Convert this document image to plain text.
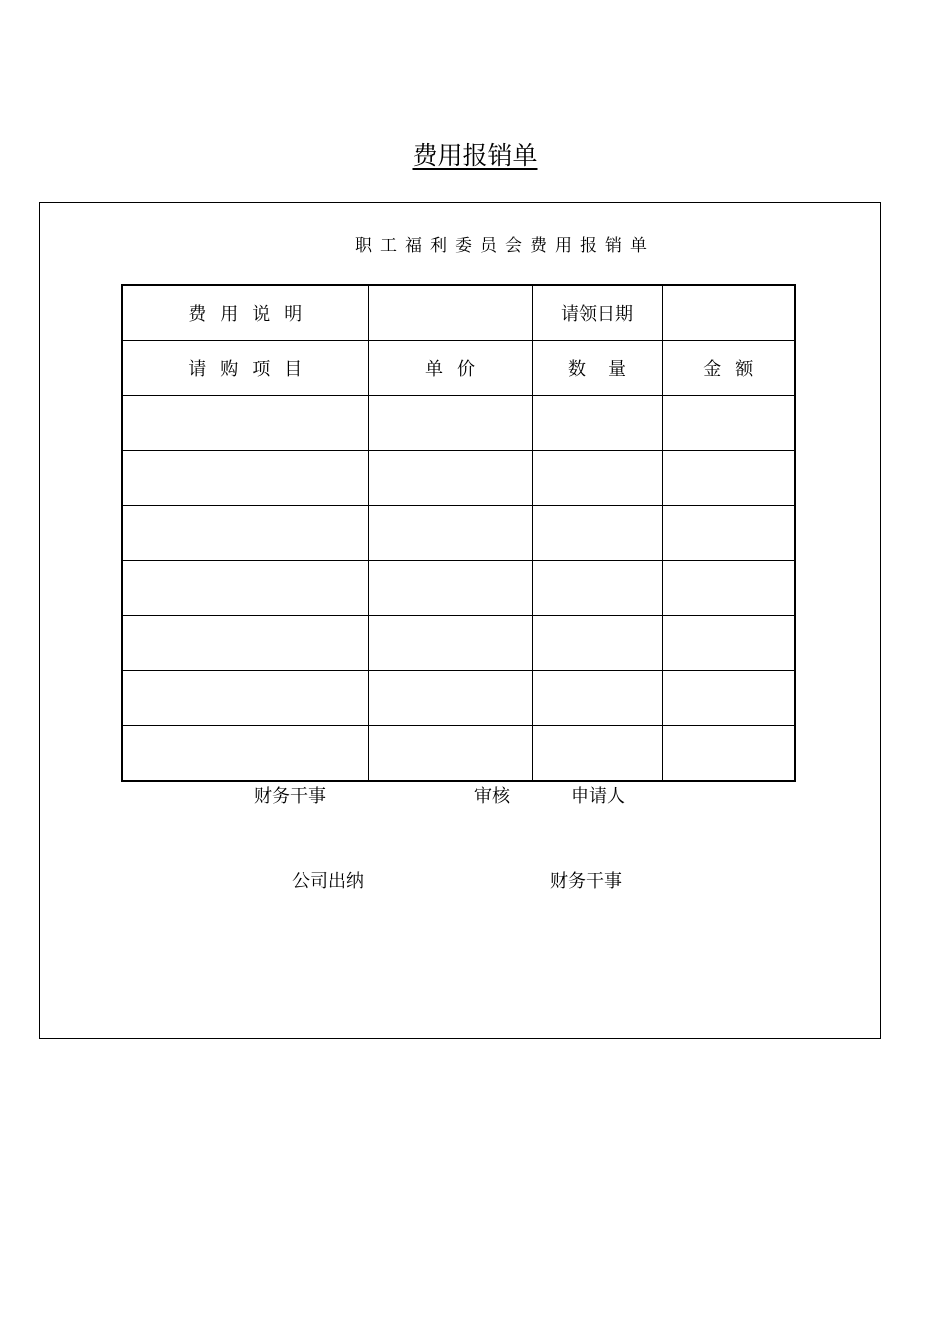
费用报销单
职工福利委员会费用报销单
费用说明		请领日期	
请购项目	单价	数量	金额

财务干事	审核	申请人
公司出纳	财务干事
